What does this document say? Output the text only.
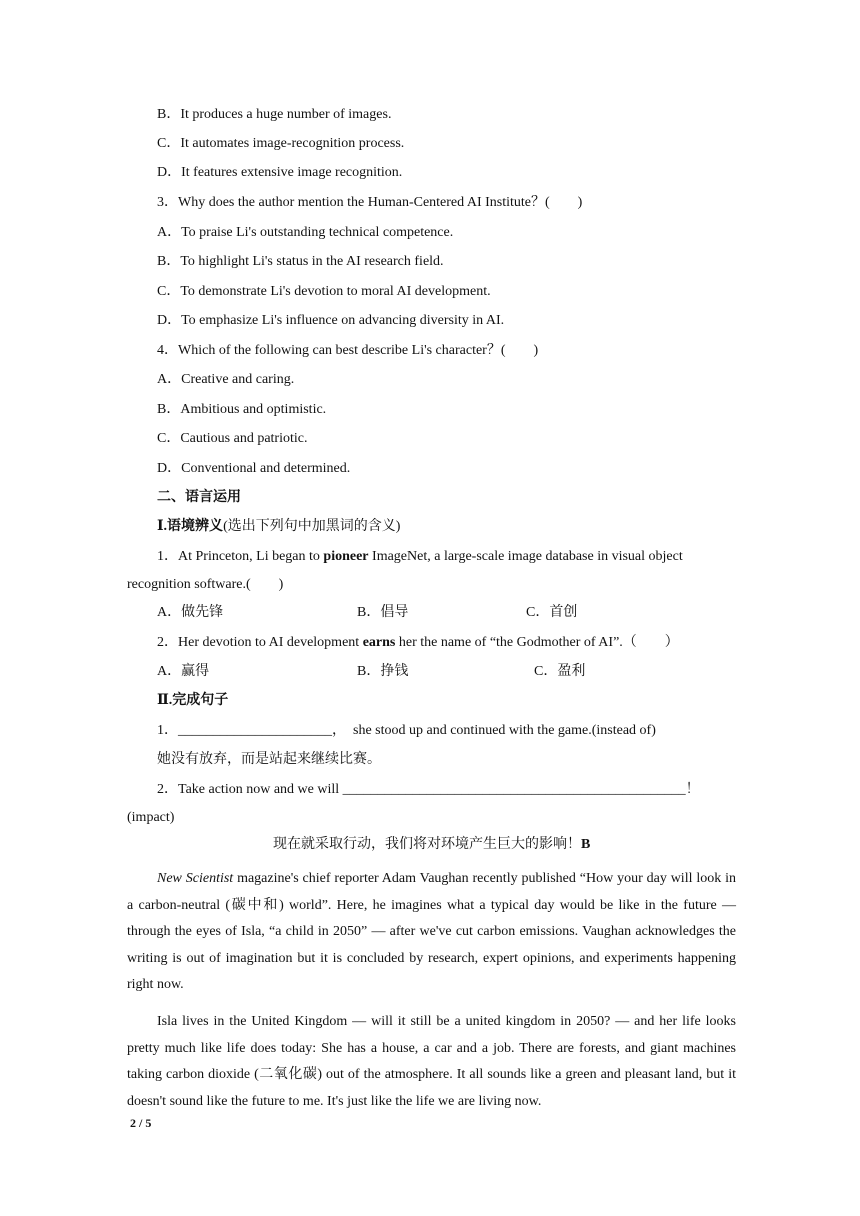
B．It produces a huge number of images.
C．It automates image-recognition process.
D．It features extensive image recognition.
3．Why does the author mention the Human-Centered AI Institute？(　　)
A．To praise Li's outstanding technical competence.
B．To highlight Li's status in the AI research field.
C．To demonstrate Li's devotion to moral AI development.
D．To emphasize Li's influence on advancing diversity in AI.
4．Which of the following can best describe Li's character？(　　)
A．Creative and caring.
B．Ambitious and optimistic.
C．Cautious and patriotic.
D．Conventional and determined.
二、语言运用
Ⅰ.语境辨义(选出下列句中加黑词的含义)
1．At Princeton, Li began to pioneer ImageNet, a large-scale image database in visual object
recognition software.(　　)
A．做先锋	B．倡导	C．首创
2．Her devotion to AI development earns her the name of “the Godmother of AI”.（　　）
A．赢得	B．挣钱	C．盈利
Ⅱ.完成句子
1．______________________，　she stood up and continued with the game.(instead of)
她没有放弃，而是站起来继续比赛。
2．Take action now and we will _________________________________________________！
(impact)
现在就采取行动，我们将对环境产生巨大的影响！B
New Scientist magazine's chief reporter Adam Vaughan recently published “How your day will look in a carbon-neutral (碳中和) world”. Here, he imagines what a typical day would be like in the future — through the eyes of Isla, “a child in 2050” — after we've cut carbon emissions. Vaughan acknowledges the writing is out of imagination but it is concluded by research, expert opinions, and experiments happening right now.
Isla lives in the United Kingdom — will it still be a united kingdom in 2050? — and her life looks pretty much like life does today: She has a house, a car and a job. There are forests, and giant machines taking carbon dioxide (二氧化碳) out of the atmosphere. It all sounds like a green and pleasant land, but it doesn't sound like the future to me. It's just like the life we are living now.
2 / 5
